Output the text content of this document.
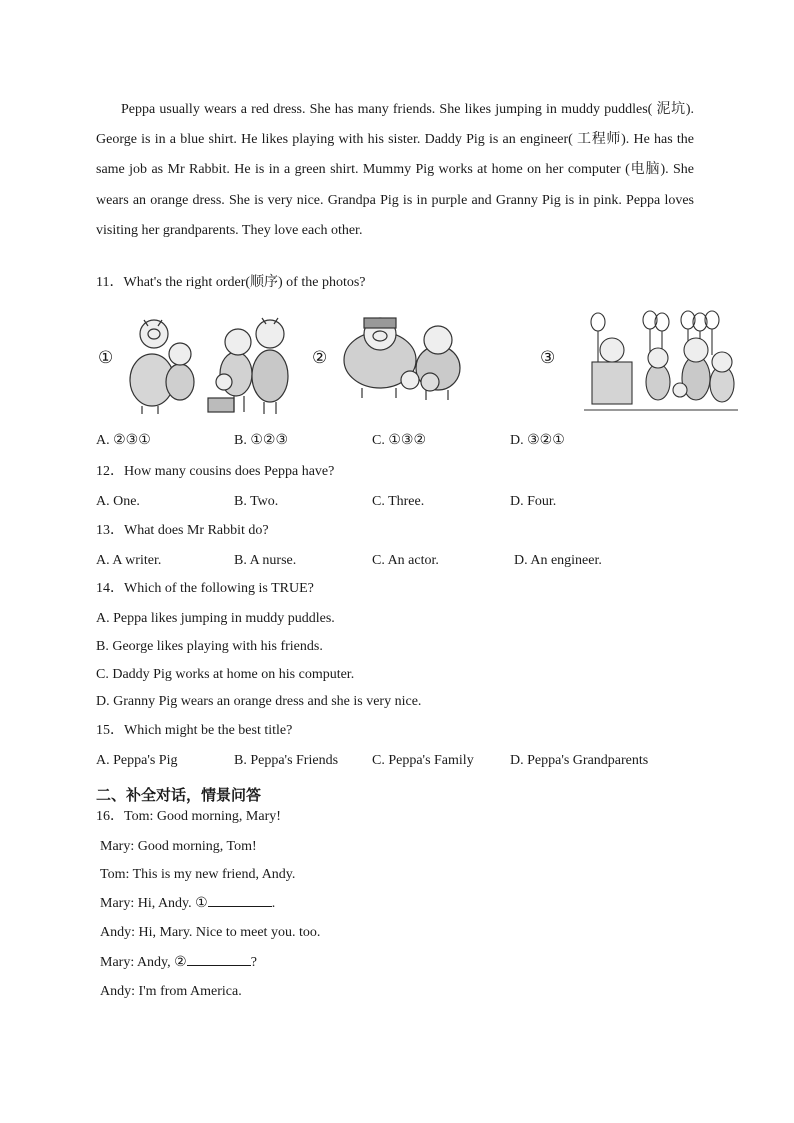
Peppa usually wears a red dress. She has many friends. She likes jumping in muddy puddles( 泥坑). George is in a blue shirt. He likes playing with his sister. Daddy Pig is an engineer( 工程师). He has the same job as Mr Rabbit. He is in a green shirt. Mummy Pig works at home on her computer (电脑). She wears an orange dress. She is very nice. Grandpa Pig is in purple and Granny Pig is in pink. Peppa loves visiting her grandparents. They love each other.
11．What's the right order(顺序) of the photos?
①	②	③
A. ②③①	B. ①②③	C. ①③②	D. ③②①
12．How many cousins does Peppa have?
A. One.	B. Two.	C. Three.	D. Four.
13．What does Mr Rabbit do?
A. A writer.	B. A nurse.	C. An actor.	D. An engineer.
14．Which of the following is TRUE?
A. Peppa likes jumping in muddy puddles.
B. George likes playing with his friends.
C. Daddy Pig works at home on his computer.
D. Granny Pig wears an orange dress and she is very nice.
15．Which might be the best title?
A. Peppa's Pig	B. Peppa's Friends C. Peppa's Family	D. Peppa's Grandparents
二、补全对话，情景问答
16．Tom: Good morning, Mary!
Mary: Good morning, Tom!
Tom: This is my new friend, Andy.
Mary: Hi, Andy. ①	.
Andy: Hi, Mary. Nice to meet you. too.
Mary: Andy, ②	?
Andy: I'm from America.
